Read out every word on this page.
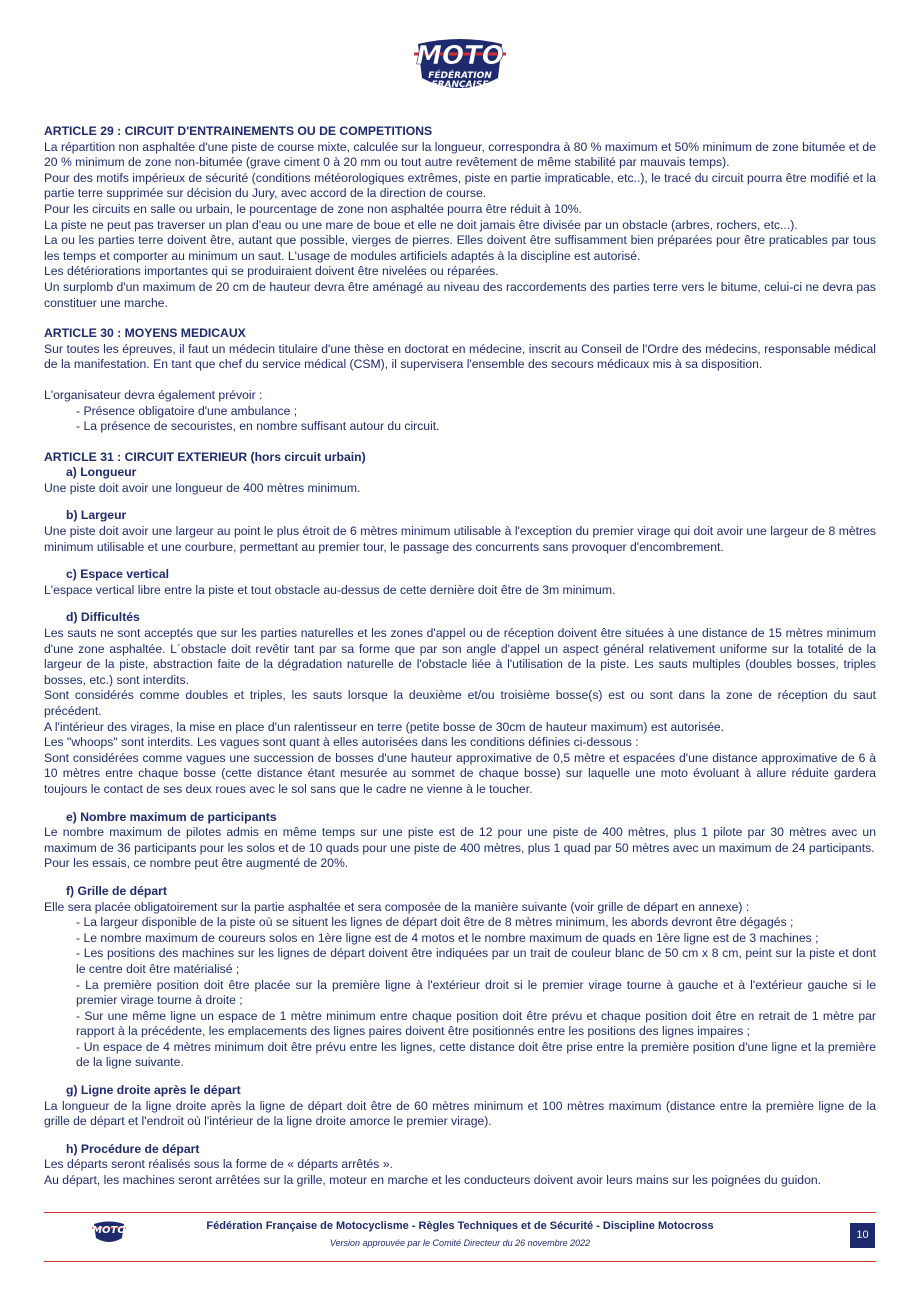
MOTO
FÉDÉRATION
FRANÇAISE

ARTICLE 29 : CIRCUIT D'ENTRAINEMENTS OU DE COMPETITIONS

La répartition non asphaltée d'une piste de course mixte, calculée sur la longueur, correspondra à 80 % maximum et 50% minimum de zone bitumée et de 20 % minimum de zone non-bitumée (grave ciment 0 à 20 mm ou tout autre revêtement de même stabilité par mauvais temps).

Pour des motifs impérieux de sécurité (conditions météorologiques extrêmes, piste en partie impraticable, etc..), le tracé du circuit pourra être modifié et la partie terre supprimée sur décision du Jury, avec accord de la direction de course.

Pour les circuits en salle ou urbain, le pourcentage de zone non asphaltée pourra être réduit à 10%.

La piste ne peut pas traverser un plan d'eau ou une mare de boue et elle ne doit jamais être divisée par un obstacle (arbres, rochers, etc...).

La ou les parties terre doivent être, autant que possible, vierges de pierres. Elles doivent être suffisamment bien préparées pour être praticables par tous les temps et comporter au minimum un saut. L'usage de modules artificiels adaptés à la discipline est autorisé.

Les détériorations importantes qui se produiraient doivent être nivelées ou réparées.

Un surplomb d'un maximum de 20 cm de hauteur devra être aménagé au niveau des raccordements des parties terre vers le bitume, celui-ci ne devra pas constituer une marche.

ARTICLE 30 : MOYENS MEDICAUX

Sur toutes les épreuves, il faut un médecin titulaire d'une thèse en doctorat en médecine, inscrit au Conseil de l'Ordre des médecins, responsable médical de la manifestation. En tant que chef du service médical (CSM), il supervisera l'ensemble des secours médicaux mis à sa disposition.

L'organisateur devra également prévoir :

- Présence obligatoire d'une ambulance ;

- La présence de secouristes, en nombre suffisant autour du circuit.

ARTICLE 31 : CIRCUIT EXTERIEUR (hors circuit urbain)

a) Longueur

Une piste doit avoir une longueur de 400 mètres minimum.

b) Largeur

Une piste doit avoir une largeur au point le plus étroit de 6 mètres minimum utilisable à l'exception du premier virage qui doit avoir une largeur de 8 mètres minimum utilisable et une courbure, permettant au premier tour, le passage des concurrents sans provoquer d'encombrement.

c) Espace vertical

L'espace vertical libre entre la piste et tout obstacle au-dessus de cette dernière doit être de 3m minimum.

d) Difficultés

Les sauts ne sont acceptés que sur les parties naturelles et les zones d'appel ou de réception doivent être situées à une distance de 15 mètres minimum d'une zone asphaltée. L´obstacle doit revêtir tant par sa forme que par son angle d'appel un aspect général relativement uniforme sur la totalité de la largeur de la piste, abstraction faite de la dégradation naturelle de l'obstacle liée à l'utilisation de la piste. Les sauts multiples (doubles bosses, triples bosses, etc.) sont interdits.

Sont considérés comme doubles et triples, les sauts lorsque la deuxième et/ou troisième bosse(s) est ou sont dans la zone de réception du saut précédent.

A l'intérieur des virages, la mise en place d'un ralentisseur en terre (petite bosse de 30cm de hauteur maximum) est autorisée.

Les "whoops" sont interdits. Les vagues sont quant à elles autorisées dans les conditions définies ci-dessous :

Sont considérées comme vagues une succession de bosses d'une hauteur approximative de 0,5 mètre et espacées d'une distance approximative de 6 à 10 mètres entre chaque bosse (cette distance étant mesurée au sommet de chaque bosse) sur laquelle une moto évoluant à allure réduite gardera toujours le contact de ses deux roues avec le sol sans que le cadre ne vienne à le toucher.

e) Nombre maximum de participants

Le nombre maximum de pilotes admis en même temps sur une piste est de 12 pour une piste de 400 mètres, plus 1 pilote par 30 mètres avec un maximum de 36 participants pour les solos et de 10 quads pour une piste de 400 mètres, plus 1 quad par 50 mètres avec un maximum de 24 participants.

Pour les essais, ce nombre peut être augmenté de 20%.

f) Grille de départ

Elle sera placée obligatoirement sur la partie asphaltée et sera composée de la manière suivante (voir grille de départ en annexe) :

- La largeur disponible de la piste où se situent les lignes de départ doit être de 8 mètres minimum, les abords devront être dégagés ;

- Le nombre maximum de coureurs solos en 1ère ligne est de 4 motos et le nombre maximum de quads en 1ère ligne est de 3 machines ;

- Les positions des machines sur les lignes de départ doivent être indiquées par un trait de couleur blanc de 50 cm x 8 cm, peint sur la piste et dont le centre doit être matérialisé ;

- La première position doit être placée sur la première ligne à l'extérieur droit si le premier virage tourne à gauche et à l'extérieur gauche si le premier virage tourne à droite ;

- Sur une même ligne un espace de 1 mètre minimum entre chaque position doit être prévu et chaque position doit être en retrait de 1 mètre par rapport à la précédente, les emplacements des lignes paires doivent être positionnés entre les positions des lignes impaires ;

- Un espace de 4 mètres minimum doit être prévu entre les lignes, cette distance doit être prise entre la première position d'une ligne et la première de la ligne suivante.

g) Ligne droite après le départ

La longueur de la ligne droite après la ligne de départ doit être de 60 mètres minimum et 100 mètres maximum (distance entre la première ligne de la grille de départ et l'endroit où l'intérieur de la ligne droite amorce le premier virage).

h) Procédure de départ

Les départs seront réalisés sous la forme de « départs arrêtés ».

Au départ, les machines seront arrêtées sur la grille, moteur en marche et les conducteurs doivent avoir leurs mains sur les poignées du guidon.

MOTO	Fédération Française de Motocyclisme - Règles Techniques et de Sécurité - Discipline Motocross
Version approuvée par le Comité Directeur du 26 novembre 2022
10
